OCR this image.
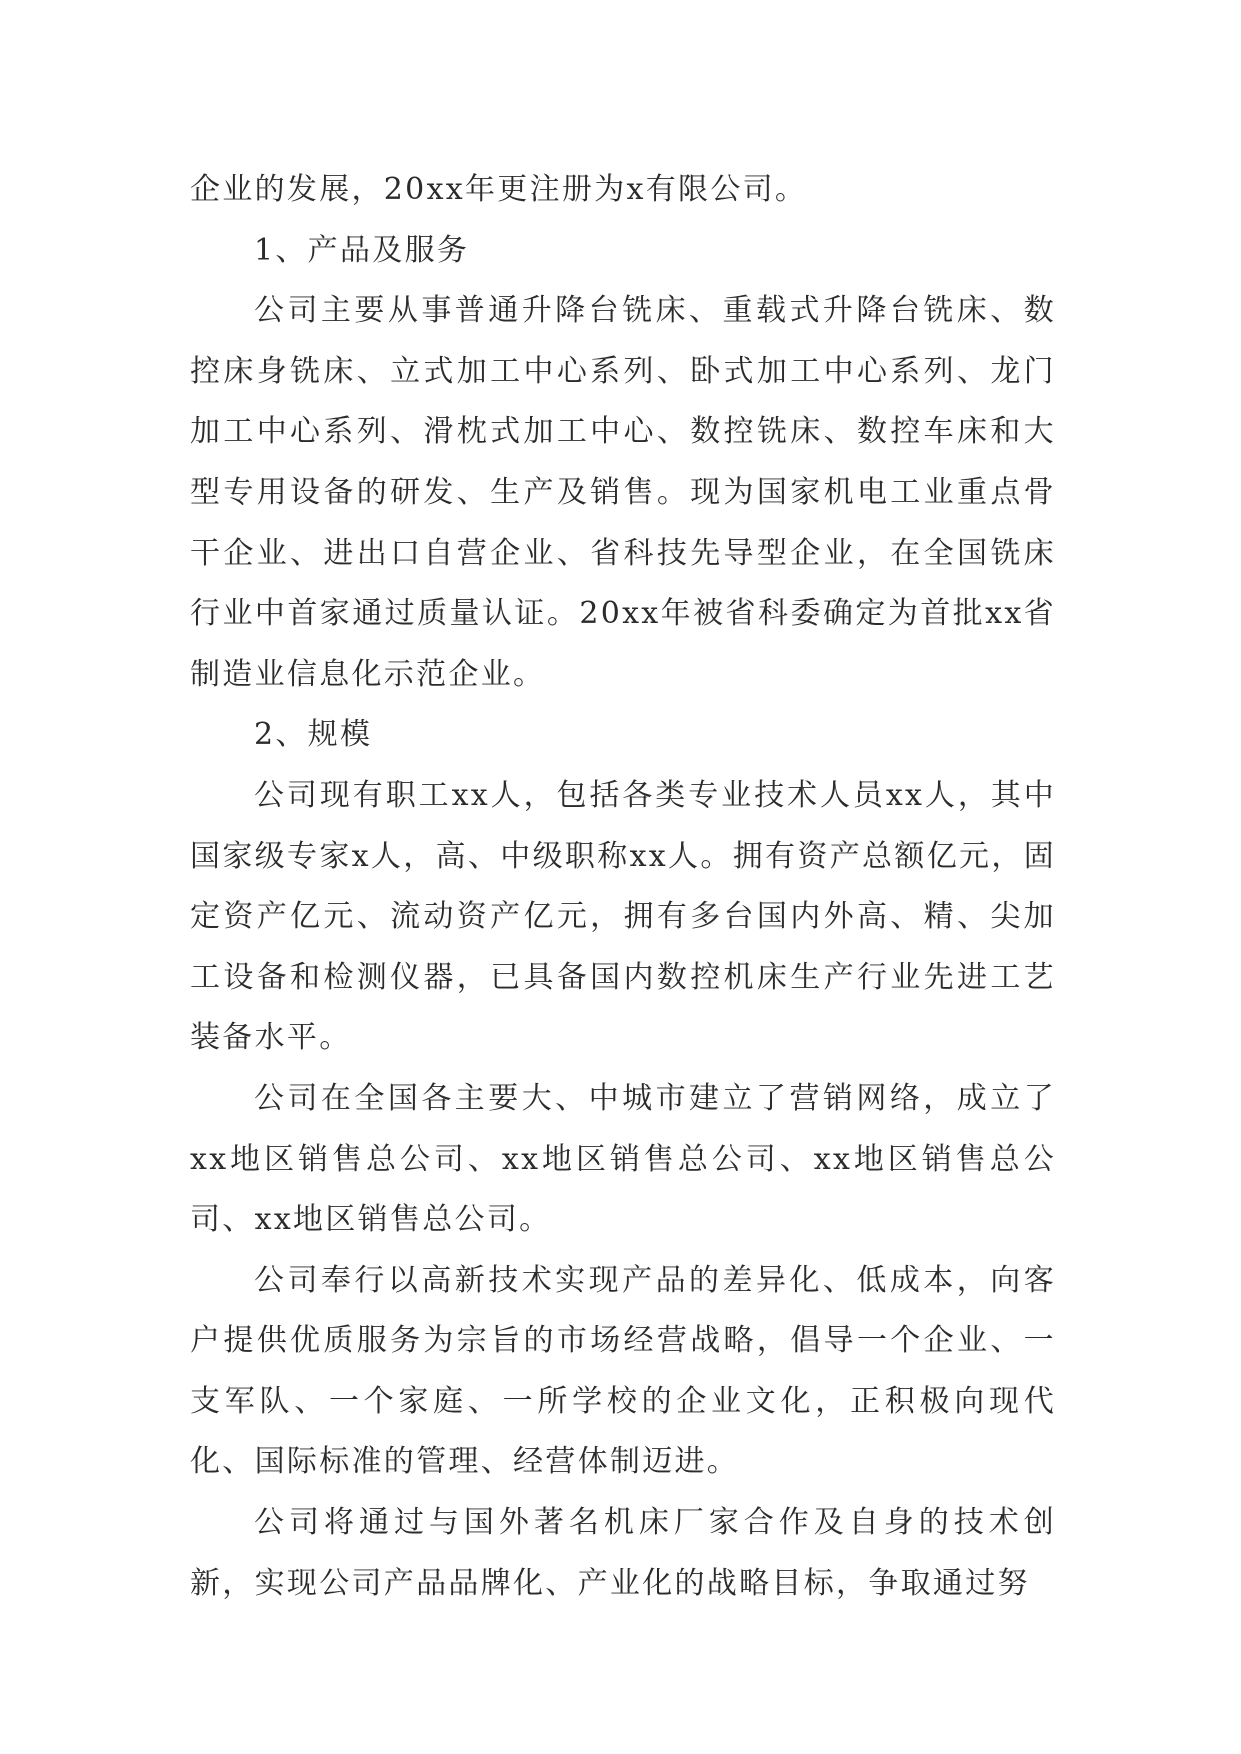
企业的发展，20xx年更注册为x有限公司。

1、产品及服务

公司主要从事普通升降台铣床、重载式升降台铣床、数控床身铣床、立式加工中心系列、卧式加工中心系列、龙门加工中心系列、滑枕式加工中心、数控铣床、数控车床和大型专用设备的研发、生产及销售。现为国家机电工业重点骨干企业、进出口自营企业、省科技先导型企业，在全国铣床行业中首家通过质量认证。20xx年被省科委确定为首批xx省制造业信息化示范企业。

2、规模

公司现有职工xx人，包括各类专业技术人员xx人，其中国家级专家x人，高、中级职称xx人。拥有资产总额亿元，固定资产亿元、流动资产亿元，拥有多台国内外高、精、尖加工设备和检测仪器，已具备国内数控机床生产行业先进工艺装备水平。

公司在全国各主要大、中城市建立了营销网络，成立了xx地区销售总公司、xx地区销售总公司、xx地区销售总公司、xx地区销售总公司。

公司奉行以高新技术实现产品的差异化、低成本，向客户提供优质服务为宗旨的市场经营战略，倡导一个企业、一支军队、一个家庭、一所学校的企业文化，正积极向现代化、国际标准的管理、经营体制迈进。

公司将通过与国外著名机床厂家合作及自身的技术创新，实现公司产品品牌化、产业化的战略目标，争取通过努
